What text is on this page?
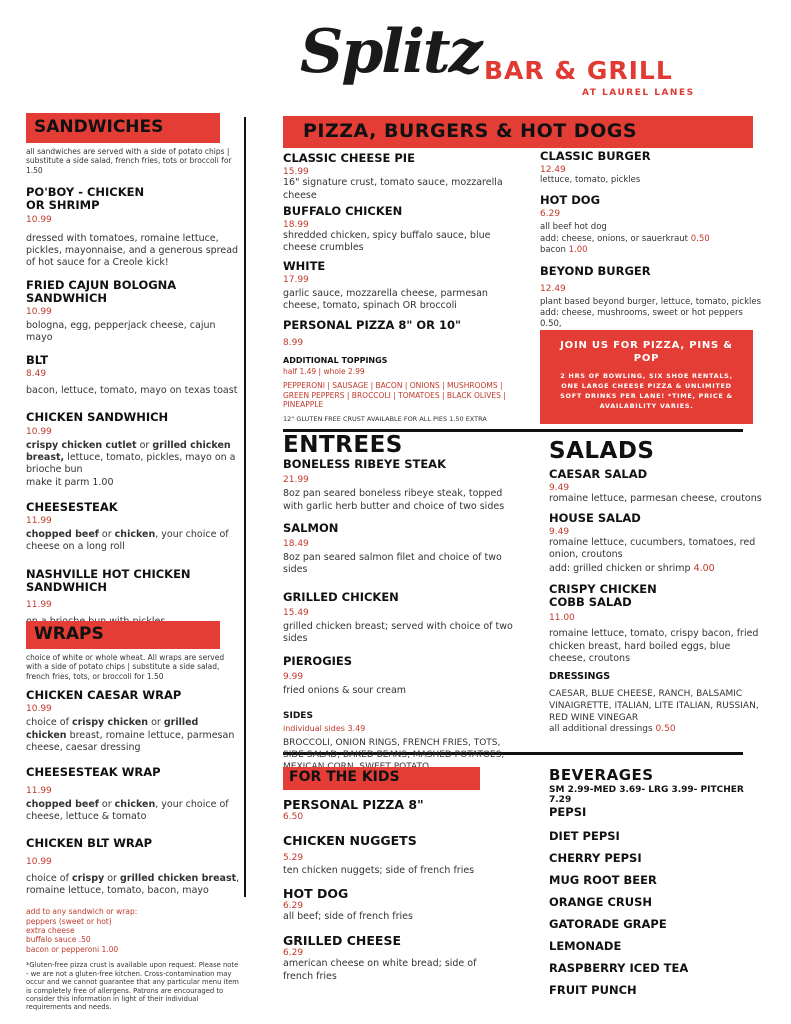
Splitz BAR & GRILL
AT LAUREL LANES
SANDWICHES
all sandwiches are served with a side of potato chips | substitute a side salad, french fries, tots or broccoli for 1.50
PO'BOY - CHICKEN OR SHRIMP
10.99
dressed with tomatoes, romaine lettuce, pickles, mayonnaise, and a generous spread of hot sauce for a Creole kick!
FRIED CAJUN BOLOGNA SANDWHICH
10.99
bologna, egg, pepperjack cheese, cajun mayo
BLT
8.49
bacon, lettuce, tomato, mayo on texas toast
CHICKEN SANDWHICH
10.99
crispy chicken cutlet or grilled chicken breast, lettuce, tomato, pickles, mayo on a brioche bun
make it parm 1.00
CHEESESTEAK
11.99
chopped beef or chicken, your choice of cheese on a long roll
NASHVILLE HOT CHICKEN SANDWHICH
11.99
WRAPS
choice of white or whole wheat. All wraps are served with a side of potato chips | substitute a side salad, french fries, tots, or broccoli for 1.50
CHICKEN CAESAR WRAP
10.99
choice of crispy chicken or grilled chicken breast, romaine lettuce, parmesan cheese, caesar dressing
CHEESESTEAK WRAP
11.99
chopped beef or chicken, your choice of cheese, lettuce & tomato
CHICKEN BLT WRAP
10.99
choice of crispy or grilled chicken breast, romaine lettuce, tomato, bacon, mayo
add to any sandwich or wrap:
peppers (sweet or hot)
extra cheese
buffalo sauce .50
bacon or pepperoni 1.00
*Gluten-free pizza crust is available upon request. Please note - we are not a gluten-free kitchen. Cross-contamination may occur and we cannot guarantee that any particular menu item is completely free of allergens. Patrons are encouraged to consider this information in light of their individual requirements and needs.
PIZZA, BURGERS & HOT DOGS
CLASSIC CHEESE PIE
15.99
16" signature crust, tomato sauce, mozzarella cheese
BUFFALO CHICKEN
18.99
shredded chicken, spicy buffalo sauce, blue cheese crumbles
WHITE
17.99
garlic sauce, mozzarella cheese, parmesan cheese, tomato, spinach OR broccoli
PERSONAL PIZZA 8" OR 10"
8.99
ADDITIONAL TOPPINGS
half 1.49 | whole 2.99
PEPPERONI | SAUSAGE | BACON | ONIONS | MUSHROOMS | GREEN PEPPERS | BROCCOLI | TOMATOES | BLACK OLIVES | PINEAPPLE
12" GLUTEN FREE CRUST AVAILABLE FOR ALL PIES 1.50 EXTRA
CLASSIC BURGER
12.49
lettuce, tomato, pickles
HOT DOG
6.29
all beef hot dog
add: cheese, onions, or sauerkraut 0.50
bacon 1.00
BEYOND BURGER
12.49
plant based beyond burger, lettuce, tomato, pickles
add: cheese, mushrooms, sweet or hot peppers 0.50,
JOIN US FOR PIZZA, PINS & POP
2 HRS OF BOWLING, SIX SHOE RENTALS, ONE LARGE CHEESE PIZZA & UNLIMITED SOFT DRINKS PER LANE! *TIME, PRICE & AVAILABILITY VARIES.
ENTREES
BONELESS RIBEYE STEAK
21.99
8oz pan seared boneless ribeye steak, topped with garlic herb butter and choice of two sides
SALMON
18.49
8oz pan seared salmon filet and choice of two sides
GRILLED CHICKEN
15.49
grilled chicken breast; served with choice of two sides
PIEROGIES
9.99
fried onions & sour cream
SIDES
individual sides 3.49
BROCCOLI, ONION RINGS, FRENCH FRIES, TOTS, SIDE SALAD, BAKED BEANS, MASHED POTATOES,
SALADS
CAESAR SALAD
9.49
romaine lettuce, parmesan cheese, croutons
HOUSE SALAD
9.49
romaine lettuce, cucumbers, tomatoes, red onion, croutons
add: grilled chicken or shrimp 4.00
CRISPY CHICKEN COBB SALAD
11.00
romaine lettuce, tomato, crispy bacon, fried chicken breast, hard boiled eggs, blue cheese, croutons
DRESSINGS
CAESAR, BLUE CHEESE, RANCH, BALSAMIC VINAIGRETTE, ITALIAN, LITE ITALIAN, RUSSIAN, RED WINE VINEGAR
all additional dressings 0.50
FOR THE KIDS
PERSONAL PIZZA 8"
6.50
CHICKEN NUGGETS
5.29
ten chicken nuggets; side of french fries
HOT DOG
6.29
all beef; side of french fries
GRILLED CHEESE
6.29
american cheese on white bread; side of french fries
BEVERAGES
SM 2.99-MED 3.69- LRG 3.99- PITCHER 7.29
PEPSI
DIET PEPSI
CHERRY PEPSI
MUG ROOT BEER
ORANGE CRUSH
GATORADE GRAPE
LEMONADE
RASPBERRY ICED TEA
FRUIT PUNCH
